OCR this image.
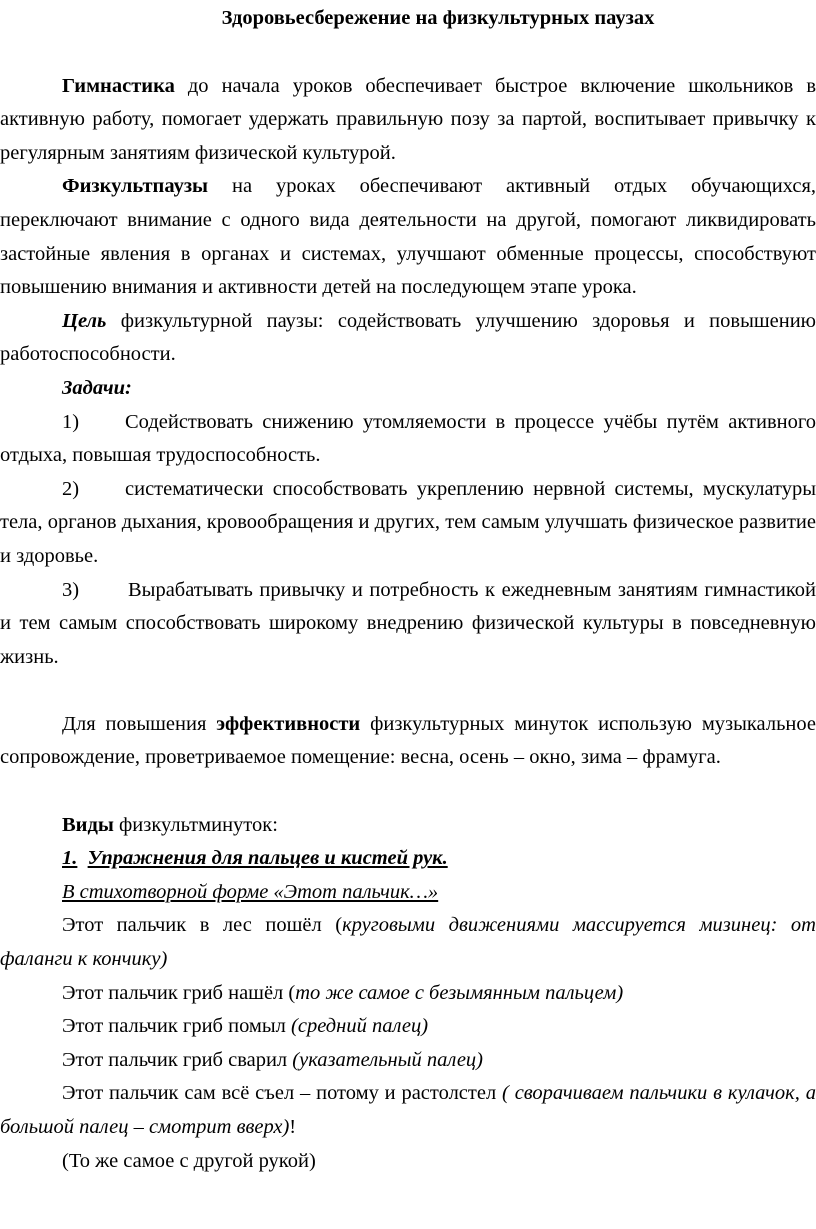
Здоровьесбережение на физкультурных паузах

Гимнастика до начала уроков обеспечивает быстрое включение школьников в активную работу, помогает удержать правильную позу за партой, воспитывает привычку к регулярным занятиям физической культурой.

Физкультпаузы на уроках обеспечивают активный отдых обучающихся, переключают внимание с одного вида деятельности на другой, помогают ликвидировать застойные явления в органах и системах, улучшают обменные процессы, способствуют повышению внимания и активности детей на последующем этапе урока.

Цель физкультурной паузы: содействовать улучшению здоровья и повышению работоспособности.

Задачи:

1) Содействовать снижению утомляемости в процессе учёбы путём активного отдыха, повышая трудоспособность.

2) систематически способствовать укреплению нервной системы, мускулатуры тела, органов дыхания, кровообращения и других, тем самым улучшать физическое развитие и здоровье.

3) Вырабатывать привычку и потребность к ежедневным занятиям гимнастикой и тем самым способствовать широкому внедрению физической культуры в повседневную жизнь.

Для повышения эффективности физкультурных минуток использую музыкальное сопровождение, проветриваемое помещение: весна, осень – окно, зима – фрамуга.

Виды физкультминуток:

1. Упражнения для пальцев и кистей рук.

В стихотворной форме «Этот пальчик…»

Этот пальчик в лес пошёл (круговыми движениями массируется мизинец: от фаланги к кончику)

Этот пальчик гриб нашёл (то же самое с безымянным пальцем)

Этот пальчик гриб помыл (средний палец)

Этот пальчик гриб сварил (указательный палец)

Этот пальчик сам всё съел – потому и растолстел ( сворачиваем пальчики в кулачок, а большой палец – смотрит вверх)!

(То же самое с другой рукой)
